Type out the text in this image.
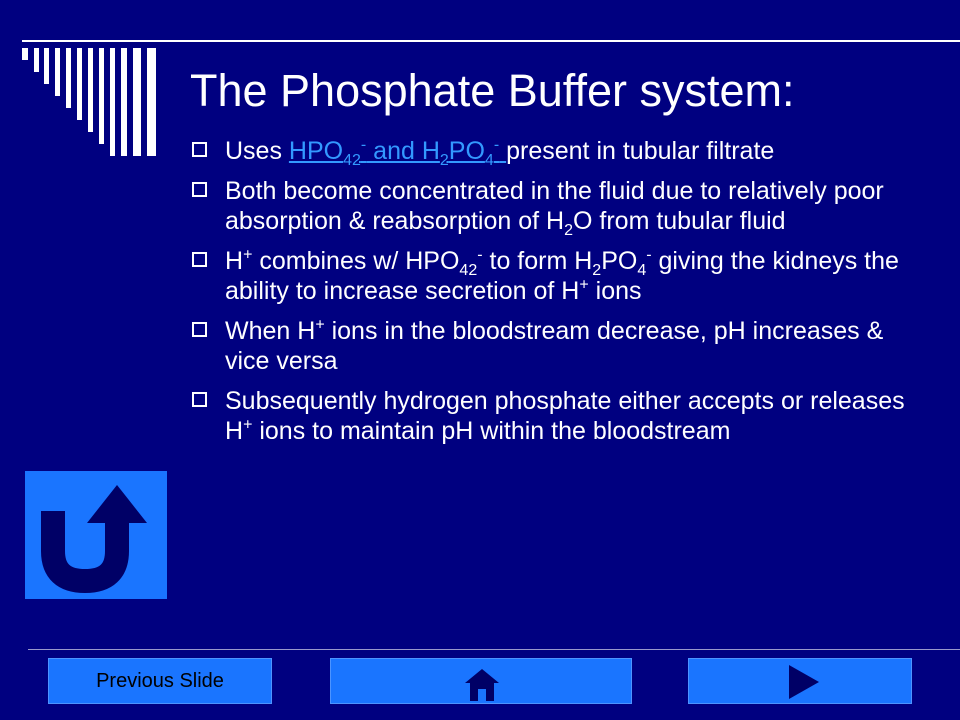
The Phosphate Buffer system:
Uses $HPO_{42}^-$ and $H_2PO_4^-$ present in tubular filtrate
Both become concentrated in the fluid due to relatively poor absorption & reabsorption of $H_2O$ from tubular fluid
H+ combines w/ $HPO_{42}^-$ to form $H_2PO_4^-$ giving the kidneys the ability to increase secretion of H+ ions
When H+ ions in the bloodstream decrease, pH increases & vice versa
Subsequently hydrogen phosphate either accepts or releases H+ ions to maintain pH within the bloodstream
Previous Slide
